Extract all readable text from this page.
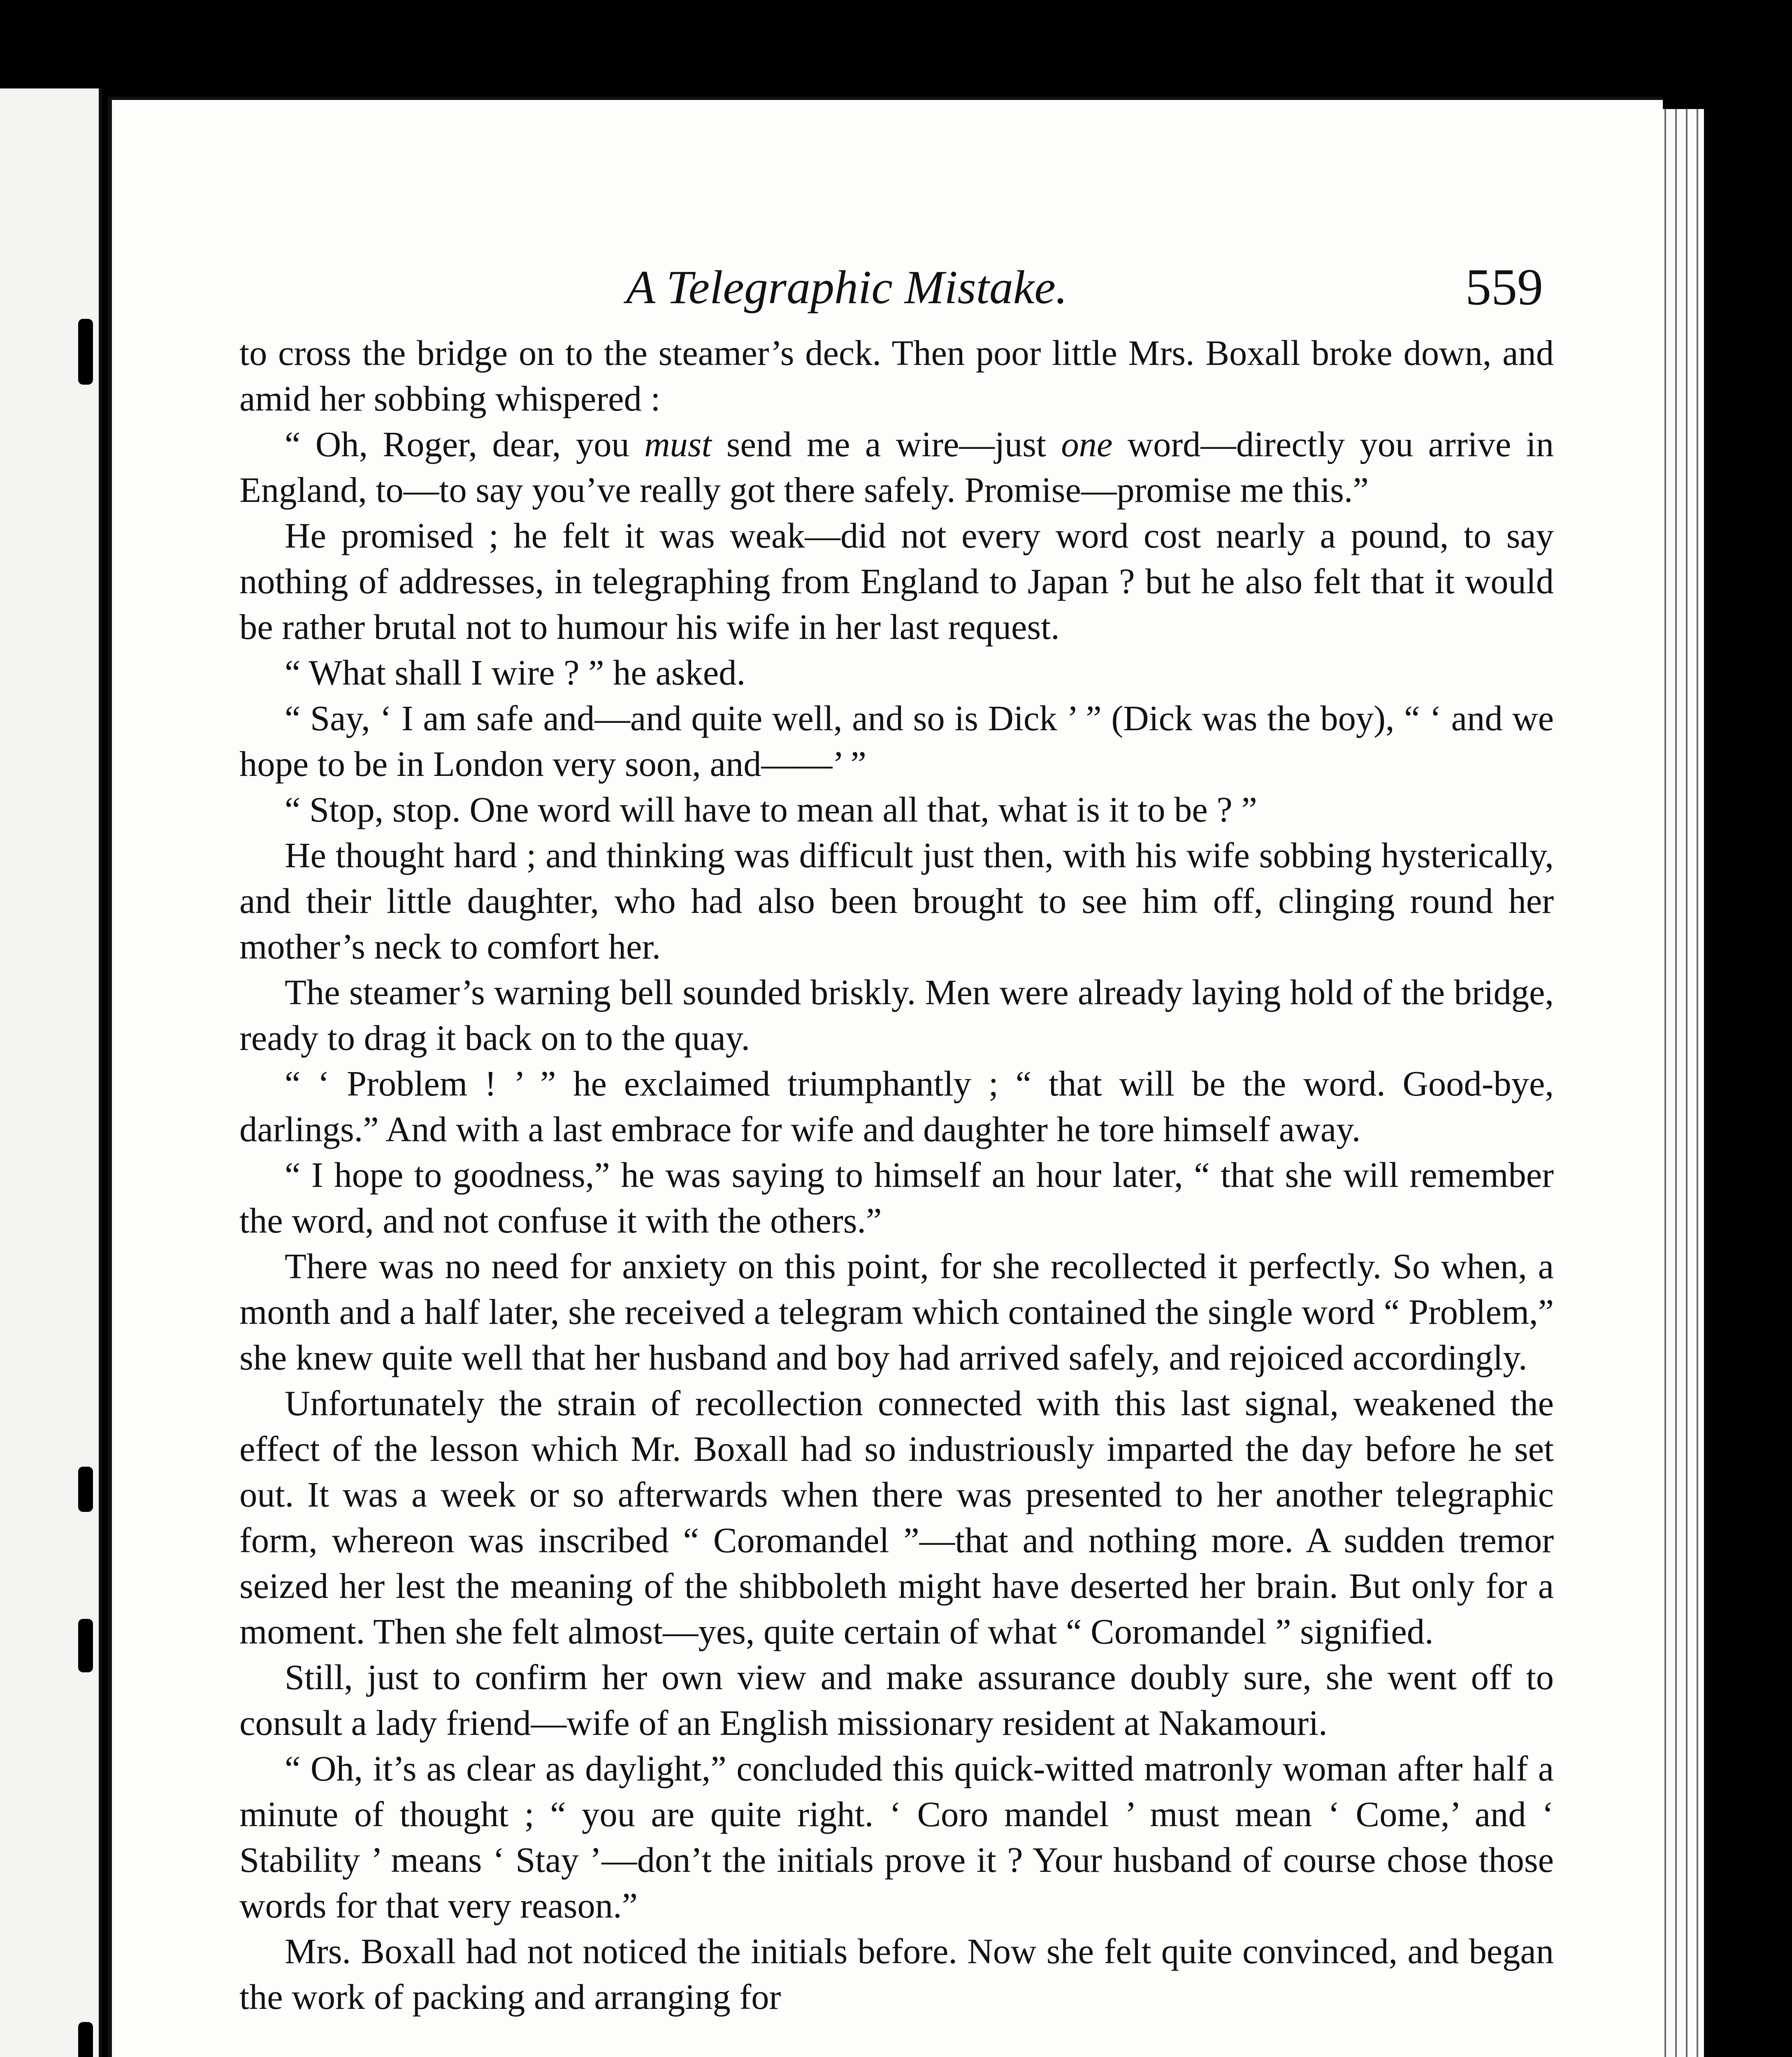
A Telegraphic Mistake.	559

to cross the bridge on to the steamer’s deck. Then poor little Mrs. Boxall broke down, and amid her sobbing whispered :

“ Oh, Roger, dear, you must send me a wire—just one word—directly you arrive in England, to—to say you’ve really got there safely. Promise—promise me this.”

He promised ; he felt it was weak—did not every word cost nearly a pound, to say nothing of addresses, in telegraphing from England to Japan ? but he also felt that it would be rather brutal not to humour his wife in her last request.

“ What shall I wire ? ” he asked.

“ Say, ‘ I am safe and—and quite well, and so is Dick ’ ” (Dick was the boy), “ ‘ and we hope to be in London very soon, and——’ ”

“ Stop, stop. One word will have to mean all that, what is it to be ? ”

He thought hard ; and thinking was difficult just then, with his wife sobbing hysterically, and their little daughter, who had also been brought to see him off, clinging round her mother’s neck to comfort her.

The steamer’s warning bell sounded briskly. Men were already laying hold of the bridge, ready to drag it back on to the quay.

“ ‘ Problem ! ’ ” he exclaimed triumphantly ; “ that will be the word. Good-bye, darlings.” And with a last embrace for wife and daughter he tore himself away.

“ I hope to goodness,” he was saying to himself an hour later, “ that she will remember the word, and not confuse it with the others.”

There was no need for anxiety on this point, for she recollected it perfectly. So when, a month and a half later, she received a telegram which contained the single word “ Problem,” she knew quite well that her husband and boy had arrived safely, and rejoiced accordingly.

Unfortunately the strain of recollection connected with this last signal, weakened the effect of the lesson which Mr. Boxall had so industriously imparted the day before he set out. It was a week or so afterwards when there was presented to her another telegraphic form, whereon was inscribed “ Coromandel ”—that and nothing more. A sudden tremor seized her lest the meaning of the shibboleth might have deserted her brain. But only for a moment. Then she felt almost—yes, quite certain of what “ Coromandel ” signified.

Still, just to confirm her own view and make assurance doubly sure, she went off to consult a lady friend—wife of an English missionary resident at Nakamouri.

“ Oh, it’s as clear as daylight,” concluded this quick-witted matronly woman after half a minute of thought ; “ you are quite right. ‘ Coro mandel ’ must mean ‘ Come,’ and ‘ Stability ’ means ‘ Stay ’—don’t the initials prove it ? Your husband of course chose those words for that very reason.”

Mrs. Boxall had not noticed the initials before. Now she felt quite convinced, and began the work of packing and arranging for
